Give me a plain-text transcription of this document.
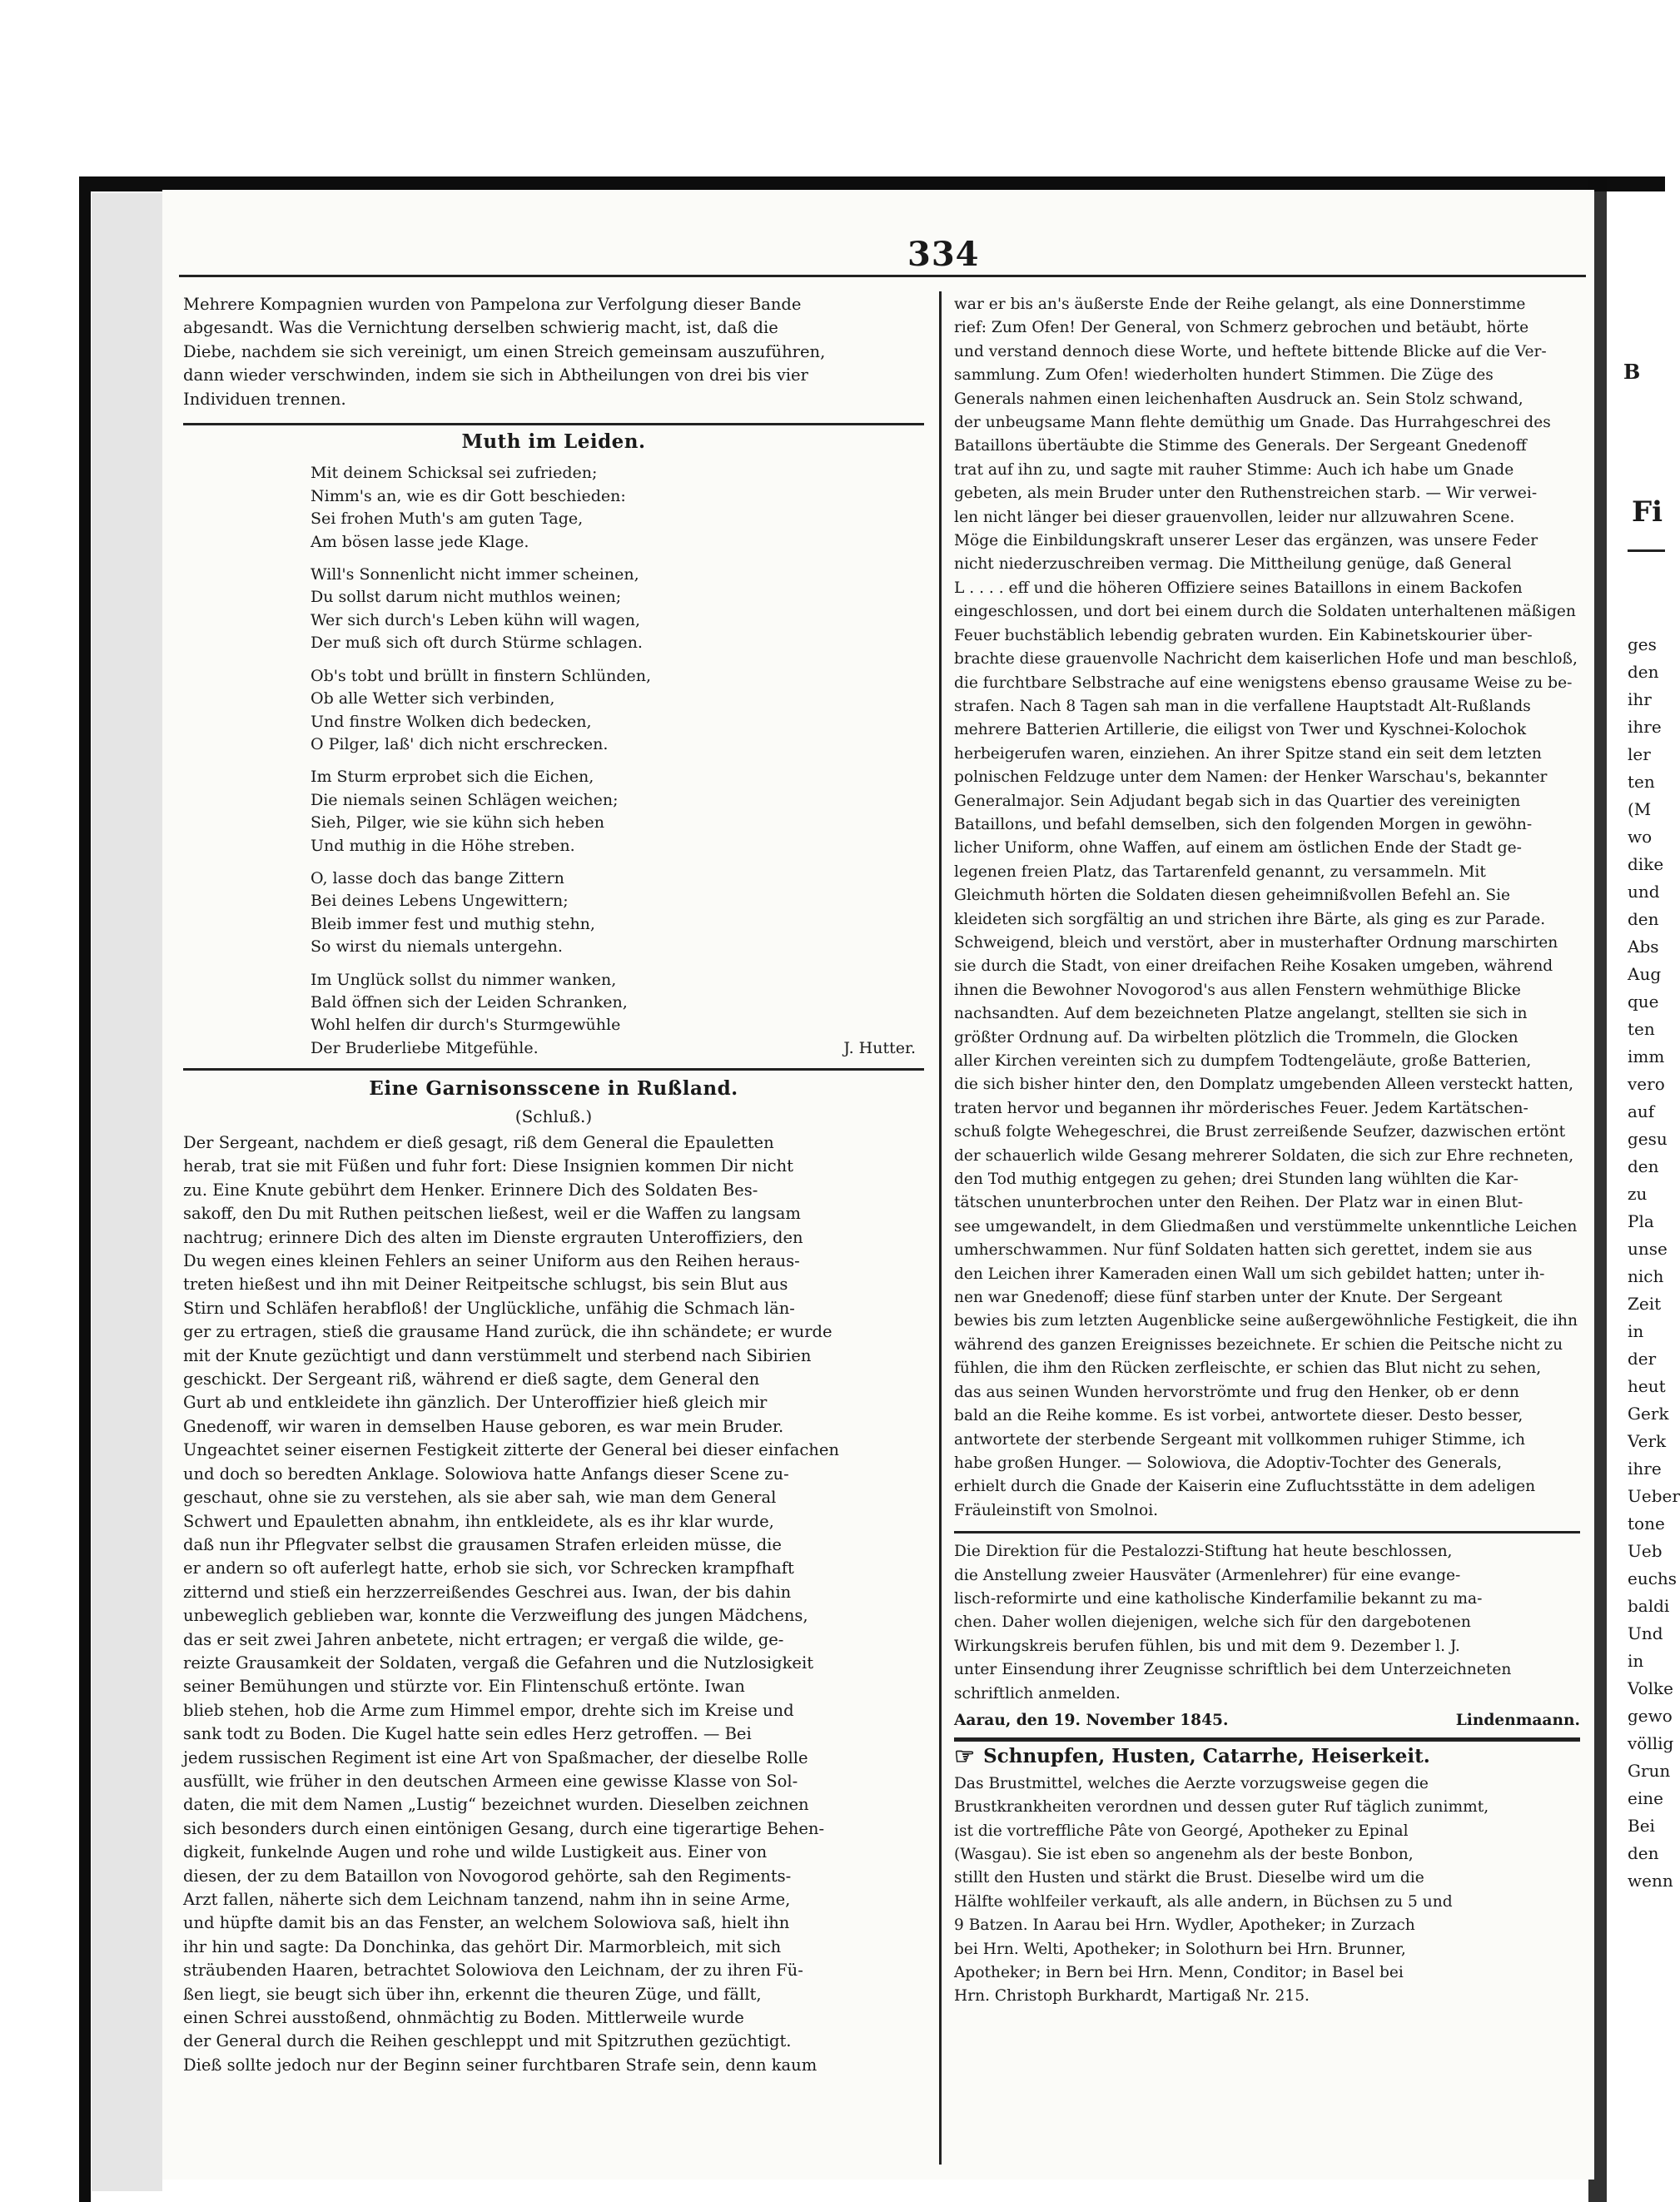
334

Mehrere Kompagnien wurden von Pampelona zur Verfolgung dieser Bande

abgesandt. Was die Vernichtung derselben schwierig macht, ist, daß die

Diebe, nachdem sie sich vereinigt, um einen Streich gemeinsam auszuführen,

dann wieder verschwinden, indem sie sich in Abtheilungen von drei bis vier

Individuen trennen.

Muth im Leiden.
Mit deinem Schicksal sei zufrieden;
Nimm's an, wie es dir Gott beschieden:
Sei frohen Muth's am guten Tage,
Am bösen lasse jede Klage.
Will's Sonnenlicht nicht immer scheinen,
Du sollst darum nicht muthlos weinen;
Wer sich durch's Leben kühn will wagen,
Der muß sich oft durch Stürme schlagen.
Ob's tobt und brüllt in finstern Schlünden,
Ob alle Wetter sich verbinden,
Und finstre Wolken dich bedecken,
O Pilger, laß' dich nicht erschrecken.
Im Sturm erprobet sich die Eichen,
Die niemals seinen Schlägen weichen;
Sieh, Pilger, wie sie kühn sich heben
Und muthig in die Höhe streben.
O, lasse doch das bange Zittern
Bei deines Lebens Ungewittern;
Bleib immer fest und muthig stehn,
So wirst du niemals untergehn.
Im Unglück sollst du nimmer wanken,
Bald öffnen sich der Leiden Schranken,
Wohl helfen dir durch's Sturmgewühle
Der Bruderliebe Mitgefühle.	J. Hutter.
Eine Garnisonsscene in Rußland.
(Schluß.)

Der Sergeant, nachdem er dieß gesagt, riß dem General die Epauletten

herab, trat sie mit Füßen und fuhr fort: Diese Insignien kommen Dir nicht

zu. Eine Knute gebührt dem Henker. Erinnere Dich des Soldaten Bes-

sakoff, den Du mit Ruthen peitschen ließest, weil er die Waffen zu langsam

nachtrug; erinnere Dich des alten im Dienste ergrauten Unteroffiziers, den

Du wegen eines kleinen Fehlers an seiner Uniform aus den Reihen heraus-

treten hießest und ihn mit Deiner Reitpeitsche schlugst, bis sein Blut aus

Stirn und Schläfen herabfloß! der Unglückliche, unfähig die Schmach län-

ger zu ertragen, stieß die grausame Hand zurück, die ihn schändete; er wurde

mit der Knute gezüchtigt und dann verstümmelt und sterbend nach Sibirien

geschickt. Der Sergeant riß, während er dieß sagte, dem General den

Gurt ab und entkleidete ihn gänzlich. Der Unteroffizier hieß gleich mir

Gnedenoff, wir waren in demselben Hause geboren, es war mein Bruder.

Ungeachtet seiner eisernen Festigkeit zitterte der General bei dieser einfachen

und doch so beredten Anklage. Solowiova hatte Anfangs dieser Scene zu-

geschaut, ohne sie zu verstehen, als sie aber sah, wie man dem General

Schwert und Epauletten abnahm, ihn entkleidete, als es ihr klar wurde,

daß nun ihr Pflegvater selbst die grausamen Strafen erleiden müsse, die

er andern so oft auferlegt hatte, erhob sie sich, vor Schrecken krampfhaft

zitternd und stieß ein herzzerreißendes Geschrei aus. Iwan, der bis dahin

unbeweglich geblieben war, konnte die Verzweiflung des jungen Mädchens,

das er seit zwei Jahren anbetete, nicht ertragen; er vergaß die wilde, ge-

reizte Grausamkeit der Soldaten, vergaß die Gefahren und die Nutzlosigkeit

seiner Bemühungen und stürzte vor. Ein Flintenschuß ertönte. Iwan

blieb stehen, hob die Arme zum Himmel empor, drehte sich im Kreise und

sank todt zu Boden. Die Kugel hatte sein edles Herz getroffen. — Bei

jedem russischen Regiment ist eine Art von Spaßmacher, der dieselbe Rolle

ausfüllt, wie früher in den deutschen Armeen eine gewisse Klasse von Sol-

daten, die mit dem Namen „Lustig“ bezeichnet wurden. Dieselben zeichnen

sich besonders durch einen eintönigen Gesang, durch eine tigerartige Behen-

digkeit, funkelnde Augen und rohe und wilde Lustigkeit aus. Einer von

diesen, der zu dem Bataillon von Novogorod gehörte, sah den Regiments-

Arzt fallen, näherte sich dem Leichnam tanzend, nahm ihn in seine Arme,

und hüpfte damit bis an das Fenster, an welchem Solowiova saß, hielt ihn

ihr hin und sagte: Da Donchinka, das gehört Dir. Marmorbleich, mit sich

sträubenden Haaren, betrachtet Solowiova den Leichnam, der zu ihren Fü-

ßen liegt, sie beugt sich über ihn, erkennt die theuren Züge, und fällt,

einen Schrei ausstoßend, ohnmächtig zu Boden. Mittlerweile wurde

der General durch die Reihen geschleppt und mit Spitzruthen gezüchtigt.

Dieß sollte jedoch nur der Beginn seiner furchtbaren Strafe sein, denn kaum

war er bis an's äußerste Ende der Reihe gelangt, als eine Donnerstimme

rief: Zum Ofen! Der General, von Schmerz gebrochen und betäubt, hörte

und verstand dennoch diese Worte, und heftete bittende Blicke auf die Ver-

sammlung. Zum Ofen! wiederholten hundert Stimmen. Die Züge des

Generals nahmen einen leichenhaften Ausdruck an. Sein Stolz schwand,

der unbeugsame Mann flehte demüthig um Gnade. Das Hurrahgeschrei des

Bataillons übertäubte die Stimme des Generals. Der Sergeant Gnedenoff

trat auf ihn zu, und sagte mit rauher Stimme: Auch ich habe um Gnade

gebeten, als mein Bruder unter den Ruthenstreichen starb. — Wir verwei-

len nicht länger bei dieser grauenvollen, leider nur allzuwahren Scene.

Möge die Einbildungskraft unserer Leser das ergänzen, was unsere Feder

nicht niederzuschreiben vermag. Die Mittheilung genüge, daß General

L . . . . eff und die höheren Offiziere seines Bataillons in einem Backofen

eingeschlossen, und dort bei einem durch die Soldaten unterhaltenen mäßigen

Feuer buchstäblich lebendig gebraten wurden. Ein Kabinetskourier über-

brachte diese grauenvolle Nachricht dem kaiserlichen Hofe und man beschloß,

die furchtbare Selbstrache auf eine wenigstens ebenso grausame Weise zu be-

strafen. Nach 8 Tagen sah man in die verfallene Hauptstadt Alt-Rußlands

mehrere Batterien Artillerie, die eiligst von Twer und Kyschnei-Kolochok

herbeigerufen waren, einziehen. An ihrer Spitze stand ein seit dem letzten

polnischen Feldzuge unter dem Namen: der Henker Warschau's, bekannter

Generalmajor. Sein Adjudant begab sich in das Quartier des vereinigten

Bataillons, und befahl demselben, sich den folgenden Morgen in gewöhn-

licher Uniform, ohne Waffen, auf einem am östlichen Ende der Stadt ge-

legenen freien Platz, das Tartarenfeld genannt, zu versammeln. Mit

Gleichmuth hörten die Soldaten diesen geheimnißvollen Befehl an. Sie

kleideten sich sorgfältig an und strichen ihre Bärte, als ging es zur Parade.

Schweigend, bleich und verstört, aber in musterhafter Ordnung marschirten

sie durch die Stadt, von einer dreifachen Reihe Kosaken umgeben, während

ihnen die Bewohner Novogorod's aus allen Fenstern wehmüthige Blicke

nachsandten. Auf dem bezeichneten Platze angelangt, stellten sie sich in

größter Ordnung auf. Da wirbelten plötzlich die Trommeln, die Glocken

aller Kirchen vereinten sich zu dumpfem Todtengeläute, große Batterien,

die sich bisher hinter den, den Domplatz umgebenden Alleen versteckt hatten,

traten hervor und begannen ihr mörderisches Feuer. Jedem Kartätschen-

schuß folgte Wehegeschrei, die Brust zerreißende Seufzer, dazwischen ertönt

der schauerlich wilde Gesang mehrerer Soldaten, die sich zur Ehre rechneten,

den Tod muthig entgegen zu gehen; drei Stunden lang wühlten die Kar-

tätschen ununterbrochen unter den Reihen. Der Platz war in einen Blut-

see umgewandelt, in dem Gliedmaßen und verstümmelte unkenntliche Leichen

umherschwammen. Nur fünf Soldaten hatten sich gerettet, indem sie aus

den Leichen ihrer Kameraden einen Wall um sich gebildet hatten; unter ih-

nen war Gnedenoff; diese fünf starben unter der Knute. Der Sergeant

bewies bis zum letzten Augenblicke seine außergewöhnliche Festigkeit, die ihn

während des ganzen Ereignisses bezeichnete. Er schien die Peitsche nicht zu

fühlen, die ihm den Rücken zerfleischte, er schien das Blut nicht zu sehen,

das aus seinen Wunden hervorströmte und frug den Henker, ob er denn

bald an die Reihe komme. Es ist vorbei, antwortete dieser. Desto besser,

antwortete der sterbende Sergeant mit vollkommen ruhiger Stimme, ich

habe großen Hunger. — Solowiova, die Adoptiv-Tochter des Generals,

erhielt durch die Gnade der Kaiserin eine Zufluchtsstätte in dem adeligen

Fräuleinstift von Smolnoi.

Die Direktion für die Pestalozzi-Stiftung hat heute beschlossen,

die Anstellung zweier Hausväter (Armenlehrer) für eine evange-

lisch-reformirte und eine katholische Kinderfamilie bekannt zu ma-

chen. Daher wollen diejenigen, welche sich für den dargebotenen

Wirkungskreis berufen fühlen, bis und mit dem 9. Dezember l. J.

unter Einsendung ihrer Zeugnisse schriftlich bei dem Unterzeichneten

schriftlich anmelden.

Aarau, den 19. November 1845.	Lindenmaann.
☞ Schnupfen, Husten, Catarrhe, Heiserkeit.

Das Brustmittel, welches die Aerzte vorzugsweise gegen die

Brustkrankheiten verordnen und dessen guter Ruf täglich zunimmt,

ist die vortreffliche Pâte von Georgé, Apotheker zu Epinal

(Wasgau). Sie ist eben so angenehm als der beste Bonbon,

stillt den Husten und stärkt die Brust. Dieselbe wird um die

Hälfte wohlfeiler verkauft, als alle andern, in Büchsen zu 5 und

9 Batzen. In Aarau bei Hrn. Wydler, Apotheker; in Zurzach

bei Hrn. Welti, Apotheker; in Solothurn bei Hrn. Brunner,

Apotheker; in Bern bei Hrn. Menn, Conditor; in Basel bei

Hrn. Christoph Burkhardt, Martigaß Nr. 215.

B
Fi
ges
den
ihr
ihre
ler
ten
(M
wo
dike
und
den
Abs
Aug
que
ten
imm
vero
auf
gesu
den
zu
Pla
unse
nich
Zeit
in
der
heut
Gerk
Verk
ihre
Ueber
tone
Ueb
euchs
baldi
Und
in
Volke
gewo
völlig
Grun
eine
Bei
den
wenn
